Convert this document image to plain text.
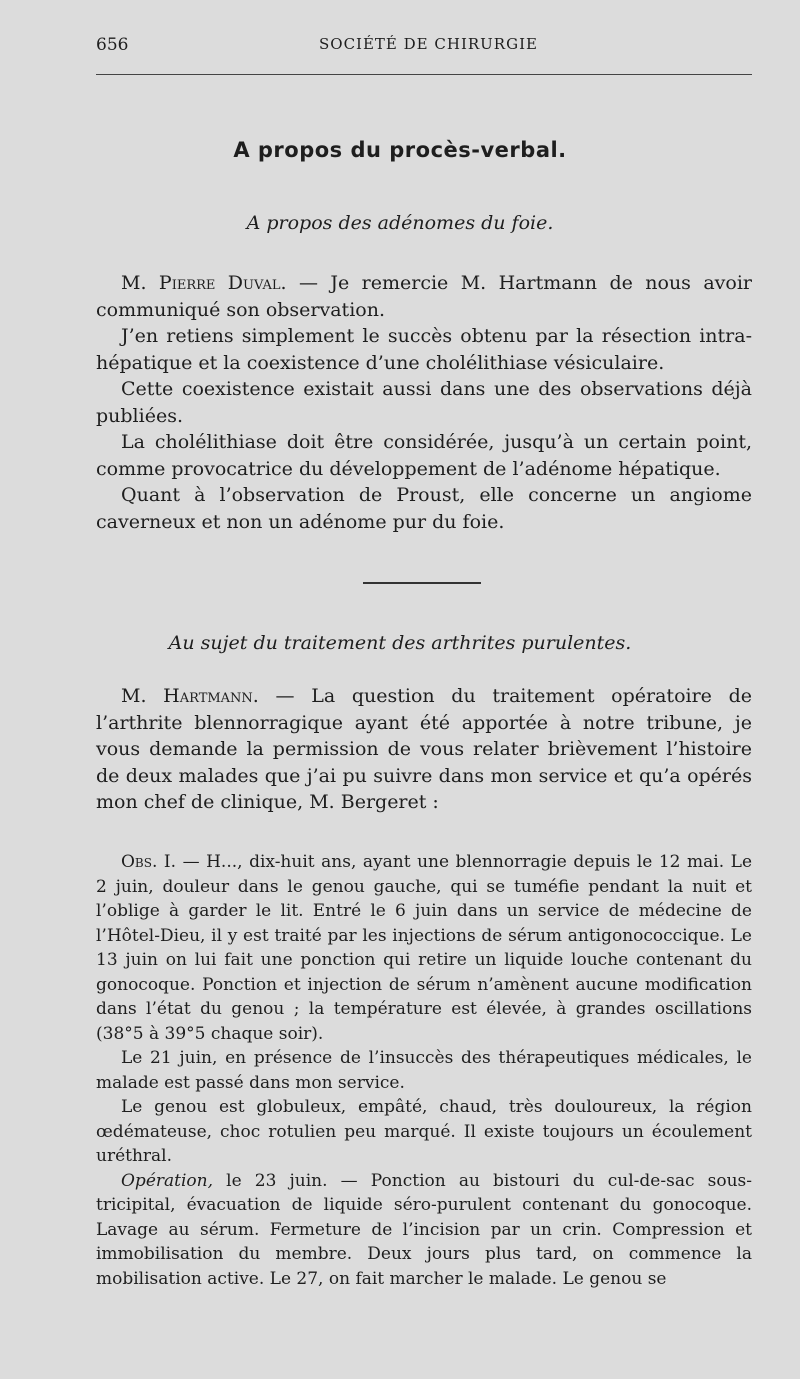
656	SOCIÉTÉ DE CHIRURGIE
A propos du procès-verbal.
A propos des adénomes du foie.

M. Pierre Duval. — Je remercie M. Hartmann de nous avoir communiqué son observation.

J’en retiens simplement le succès obtenu par la résection intra-hépatique et la coexistence d’une cholélithiase vésiculaire.

Cette coexistence existait aussi dans une des observations déjà publiées.

La cholélithiase doit être considérée, jusqu’à un certain point, comme provocatrice du développement de l’adénome hépatique.

Quant à l’observation de Proust, elle concerne un angiome caverneux et non un adénome pur du foie.

Au sujet du traitement des arthrites purulentes.

M. Hartmann. — La question du traitement opératoire de l’arthrite blennorragique ayant été apportée à notre tribune, je vous demande la permission de vous relater brièvement l’histoire de deux malades que j’ai pu suivre dans mon service et qu’a opérés mon chef de clinique, M. Bergeret :

Obs. I. — H..., dix-huit ans, ayant une blennorragie depuis le 12 mai. Le 2 juin, douleur dans le genou gauche, qui se tuméfie pendant la nuit et l’oblige à garder le lit. Entré le 6 juin dans un service de médecine de l’Hôtel-Dieu, il y est traité par les injections de sérum antigonococcique. Le 13 juin on lui fait une ponction qui retire un liquide louche contenant du gonocoque. Ponction et injection de sérum n’amènent aucune modification dans l’état du genou ; la température est élevée, à grandes oscillations (38°5 à 39°5 chaque soir).

Le 21 juin, en présence de l’insuccès des thérapeutiques médicales, le malade est passé dans mon service.

Le genou est globuleux, empâté, chaud, très douloureux, la région œdémateuse, choc rotulien peu marqué. Il existe toujours un écoulement uréthral.

Opération, le 23 juin. — Ponction au bistouri du cul-de-sac sous-tricipital, évacuation de liquide séro-purulent contenant du gonocoque. Lavage au sérum. Fermeture de l’incision par un crin. Compression et immobilisation du membre. Deux jours plus tard, on commence la mobilisation active. Le 27, on fait marcher le malade. Le genou se
